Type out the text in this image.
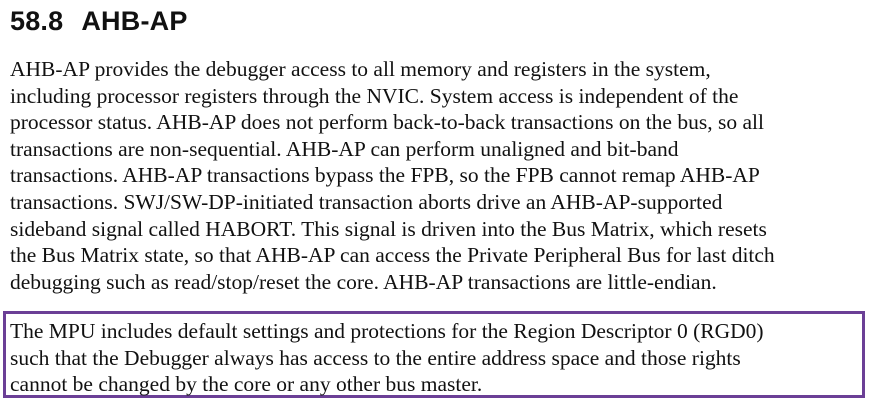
58.8 AHB-AP
AHB-AP provides the debugger access to all memory and registers in the system,
including processor registers through the NVIC. System access is independent of the
processor status. AHB-AP does not perform back-to-back transactions on the bus, so all
transactions are non-sequential. AHB-AP can perform unaligned and bit-band
transactions. AHB-AP transactions bypass the FPB, so the FPB cannot remap AHB-AP
transactions. SWJ/SW-DP-initiated transaction aborts drive an AHB-AP-supported
sideband signal called HABORT. This signal is driven into the Bus Matrix, which resets
the Bus Matrix state, so that AHB-AP can access the Private Peripheral Bus for last ditch
debugging such as read/stop/reset the core. AHB-AP transactions are little-endian.
The MPU includes default settings and protections for the Region Descriptor 0 (RGD0)
such that the Debugger always has access to the entire address space and those rights
cannot be changed by the core or any other bus master.
